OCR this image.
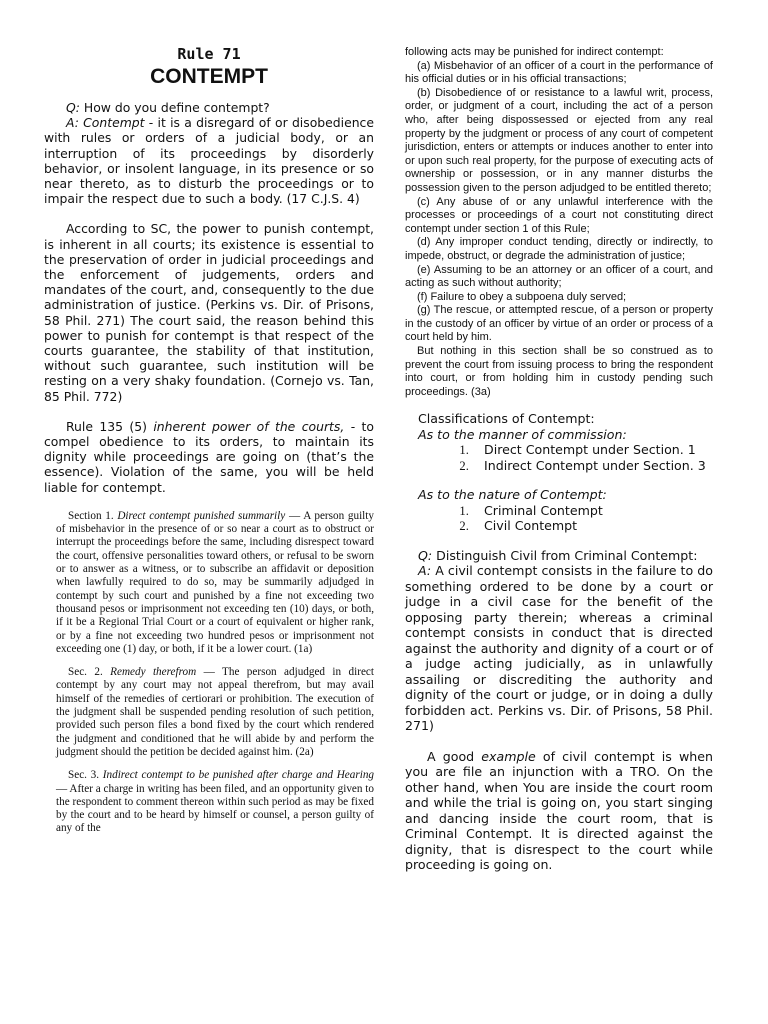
Rule 71

CONTEMPT

Q: How do you define contempt?

A: Contempt - it is a disregard of or disobedience with rules or orders of a judicial body, or an interruption of its proceedings by disorderly behavior, or insolent language, in its presence or so near thereto, as to disturb the proceedings or to impair the respect due to such a body. (17 C.J.S. 4)

According to SC, the power to punish contempt, is inherent in all courts; its existence is essential to the preservation of order in judicial proceedings and the enforcement of judgements, orders and mandates of the court, and, consequently to the due administration of justice. (Perkins vs. Dir. of Prisons, 58 Phil. 271) The court said, the reason behind this power to punish for contempt is that respect of the courts guarantee, the stability of that institution, without such guarantee, such institution will be resting on a very shaky foundation. (Cornejo vs. Tan, 85 Phil. 772)

Rule 135 (5) inherent power of the courts, - to compel obedience to its orders, to maintain its dignity while proceedings are going on (that’s the essence). Violation of the same, you will be held liable for contempt.

Section 1. Direct contempt punished summarily — A person guilty of misbehavior in the presence of or so near a court as to obstruct or interrupt the proceedings before the same, including disrespect toward the court, offensive personalities toward others, or refusal to be sworn or to answer as a witness, or to subscribe an affidavit or deposition when lawfully required to do so, may be summarily adjudged in contempt by such court and punished by a fine not exceeding two thousand pesos or imprisonment not exceeding ten (10) days, or both, if it be a Regional Trial Court or a court of equivalent or higher rank, or by a fine not exceeding two hundred pesos or imprisonment not exceeding one (1) day, or both, if it be a lower court. (1a)

Sec. 2. Remedy therefrom — The person adjudged in direct contempt by any court may not appeal therefrom, but may avail himself of the remedies of certiorari or prohibition. The execution of the judgment shall be suspended pending resolution of such petition, provided such person files a bond fixed by the court which rendered the judgment and conditioned that he will abide by and perform the judgment should the petition be decided against him. (2a)

Sec. 3. Indirect contempt to be punished after charge and Hearing — After a charge in writing has been filed, and an opportunity given to the respondent to comment thereon within such period as may be fixed by the court and to be heard by himself or counsel, a person guilty of any of the

following acts may be punished for indirect contempt:

(a) Misbehavior of an officer of a court in the performance of his official duties or in his official transactions;

(b) Disobedience of or resistance to a lawful writ, process, order, or judgment of a court, including the act of a person who, after being dispossessed or ejected from any real property by the judgment or process of any court of competent jurisdiction, enters or attempts or induces another to enter into or upon such real property, for the purpose of executing acts of ownership or possession, or in any manner disturbs the possession given to the person adjudged to be entitled thereto;

(c) Any abuse of or any unlawful interference with the processes or proceedings of a court not constituting direct contempt under section 1 of this Rule;

(d) Any improper conduct tending, directly or indirectly, to impede, obstruct, or degrade the administration of justice;

(e) Assuming to be an attorney or an officer of a court, and acting as such without authority;

(f) Failure to obey a subpoena duly served;

(g) The rescue, or attempted rescue, of a person or property in the custody of an officer by virtue of an order or process of a court held by him.

But nothing in this section shall be so construed as to prevent the court from issuing process to bring the respondent into court, or from holding him in custody pending such proceedings. (3a)

Classifications of Contempt:

As to the manner of commission:

1. Direct Contempt under Section. 1
2. Indirect Contempt under Section. 3

As to the nature of Contempt:

1. Criminal Contempt
2. Civil Contempt

Q: Distinguish Civil from Criminal Contempt:

A: A civil contempt consists in the failure to do something ordered to be done by a court or judge in a civil case for the benefit of the opposing party therein; whereas a criminal contempt consists in conduct that is directed against the authority and dignity of a court or of a judge acting judicially, as in unlawfully assailing or discrediting the authority and dignity of the court or judge, or in doing a dully forbidden act. Perkins vs. Dir. of Prisons, 58 Phil. 271)

A good example of civil contempt is when you are file an injunction with a TRO. On the other hand, when You are inside the court room and while the trial is going on, you start singing and dancing inside the court room, that is Criminal Contempt. It is directed against the dignity, that is disrespect to the court while proceeding is going on.
